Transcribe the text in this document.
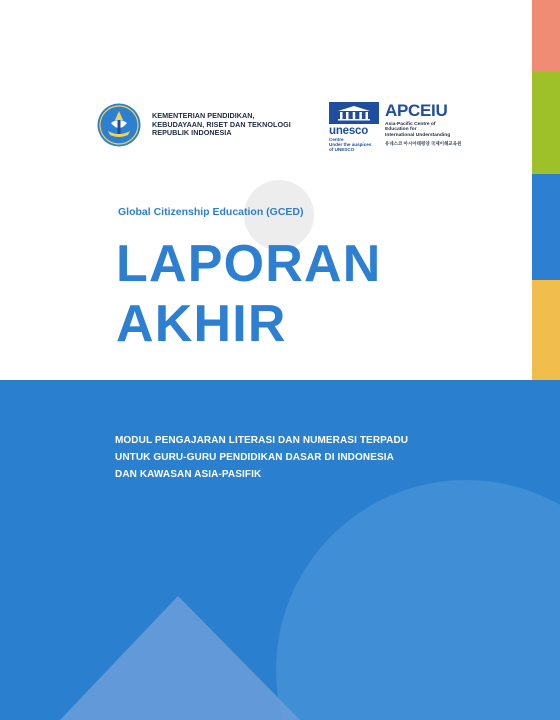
KEMENTERIAN PENDIDIKAN,
KEBUDAYAAN, RISET DAN TEKNOLOGI
REPUBLIK INDONESIA	unesco
Centre
Under the auspices
of UNESCO
APCEIU
Asia-Pacific Centre of
Education for
International Understanding
유네스코 아시아태평양 국제이해교육원
Global Citizenship Education (GCED)
LAPORAN
AKHIR
MODUL PENGAJARAN LITERASI DAN NUMERASI TERPADU
UNTUK GURU-GURU PENDIDIKAN DASAR DI INDONESIA
DAN KAWASAN ASIA-PASIFIK
